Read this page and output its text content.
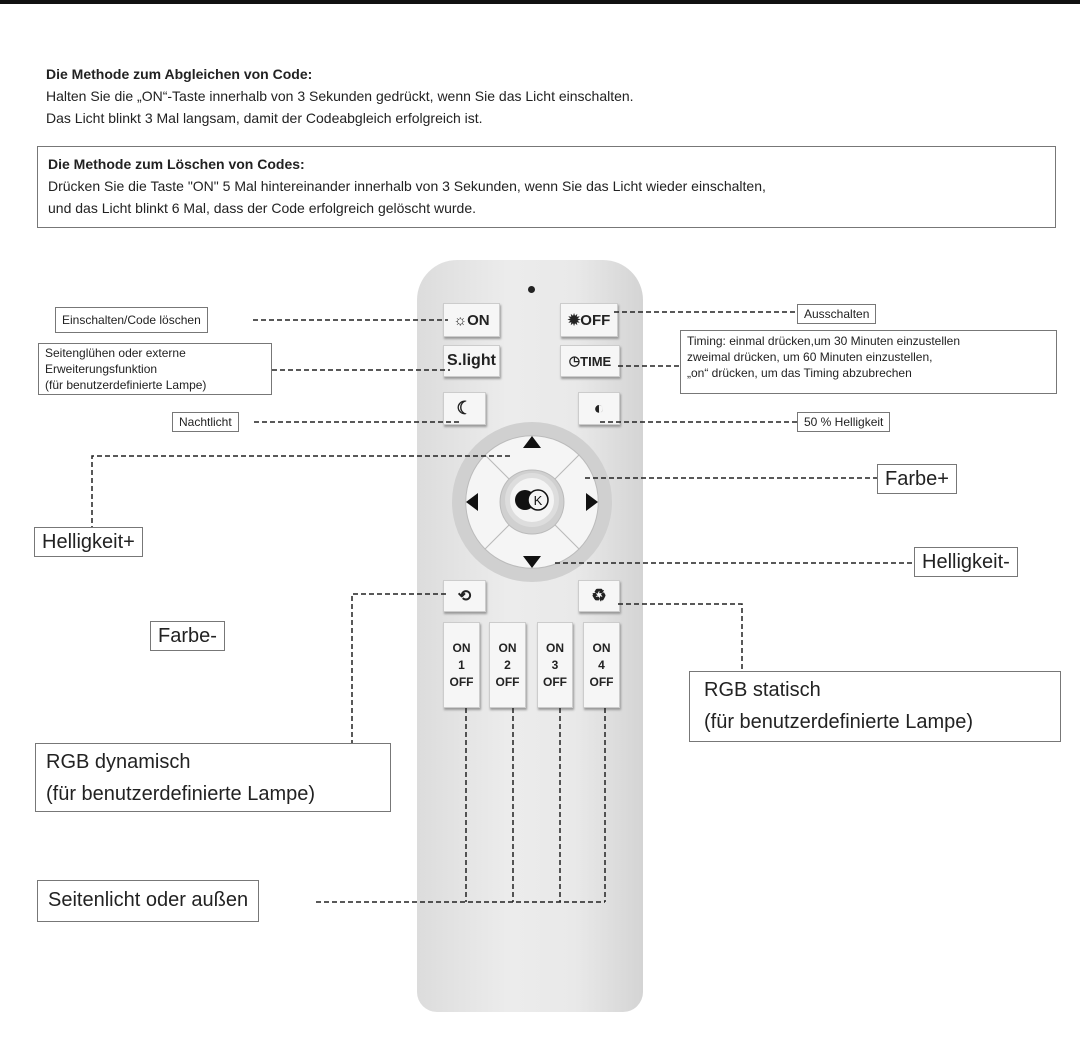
Die Methode zum Abgleichen von Code:
Halten Sie die „ON“-Taste innerhalb von 3 Sekunden gedrückt, wenn Sie das Licht einschalten.
Das Licht blinkt 3 Mal langsam, damit der Codeabgleich erfolgreich ist.
Die Methode zum Löschen von Codes:
Drücken Sie die Taste "ON" 5 Mal hintereinander innerhalb von 3 Sekunden, wenn Sie das Licht wieder einschalten,
und das Licht blinkt 6 Mal, dass der Code erfolgreich gelöscht wurde.
☼ ON	✹ OFF
S.light	◷ TIME
☾	◐
K
⟲	♻
ON
1
OFF
ON
2
OFF
ON
3
OFF
ON
4
OFF
Einschalten/Code löschen
Seitenglühen oder externe
Erweiterungsfunktion
(für benutzerdefinierte Lampe)
Nachtlicht
Ausschalten
Timing: einmal drücken,um 30 Minuten einzustellen
zweimal drücken, um 60 Minuten einzustellen,
„on“ drücken, um das Timing abzubrechen
50 % Helligkeit
Farbe+
Helligkeit+
Helligkeit-
Farbe-
RGB statisch
(für benutzerdefinierte Lampe)
RGB dynamisch
(für benutzerdefinierte Lampe)
Seitenlicht oder außen
